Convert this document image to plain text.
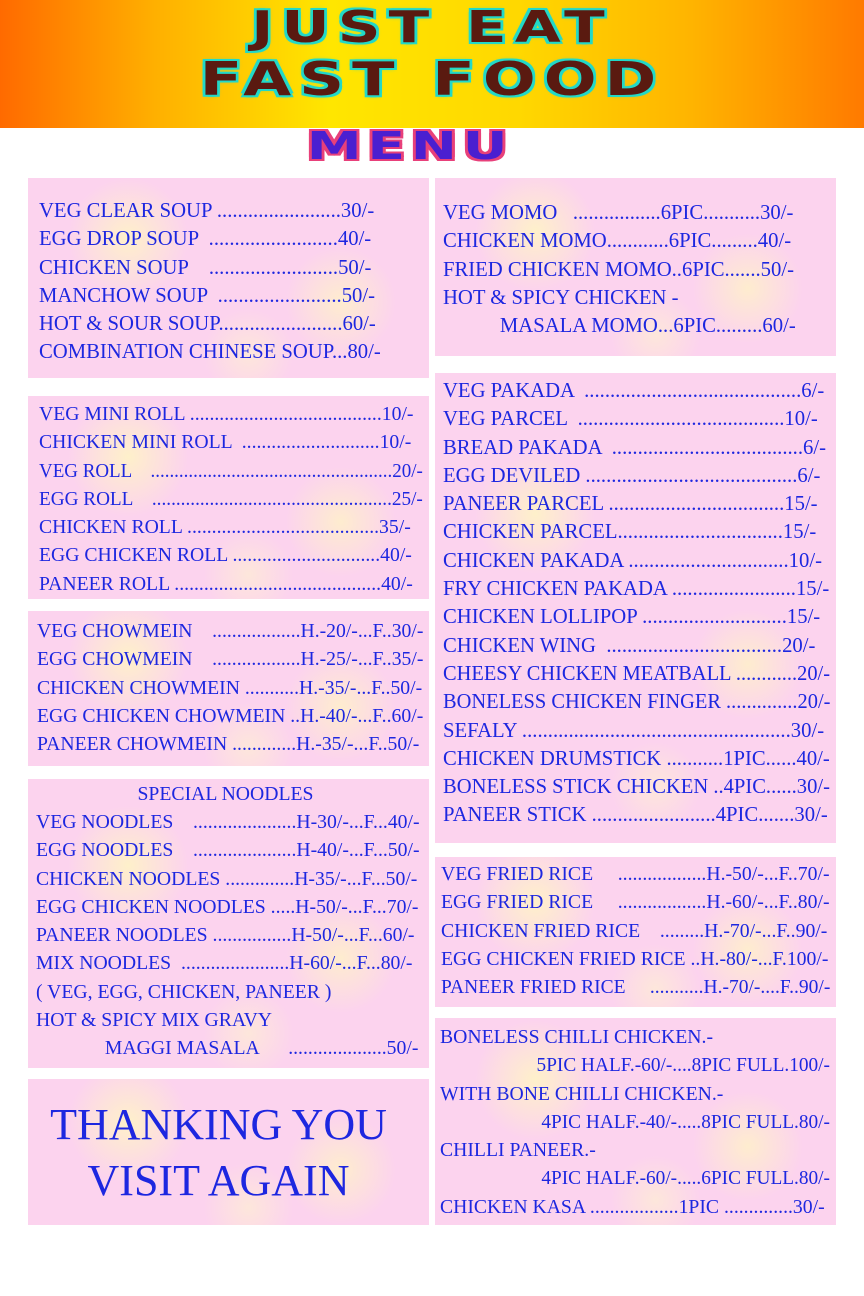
JUST EAT
FAST FOOD
MENU
VEG CLEAR SOUP ........................30/-
EGG DROP SOUP  .........................40/-
CHICKEN SOUP    .........................50/-
MANCHOW SOUP  ........................50/-
HOT & SOUR SOUP........................60/-
COMBINATION CHINESE SOUP...80/-
VEG MINI ROLL .......................................10/-
CHICKEN MINI ROLL  ............................10/-
VEG ROLL    ...................................................20/-
EGG ROLL    ..................................................25/-
CHICKEN ROLL .......................................35/-
EGG CHICKEN ROLL ..............................40/-
PANEER ROLL ..........................................40/-
VEG CHOWMEIN    ..................H.-20/-...F..30/-
EGG CHOWMEIN    ..................H.-25/-...F..35/-
CHICKEN CHOWMEIN ...........H.-35/-...F..50/-
EGG CHICKEN CHOWMEIN ..H.-40/-...F..60/-
PANEER CHOWMEIN .............H.-35/-...F..50/-
SPECIAL NOODLES
VEG NOODLES    .....................H-30/-...F...40/-
EGG NOODLES    .....................H-40/-...F...50/-
CHICKEN NOODLES ..............H-35/-...F...50/-
EGG CHICKEN NOODLES .....H-50/-...F...70/-
PANEER NOODLES ................H-50/-...F...60/-
MIX NOODLES  ......................H-60/-...F...80/-
( VEG, EGG, CHICKEN, PANEER )
HOT & SPICY MIX GRAVY
MAGGI MASALA      ....................50/-
THANKING YOU
VISIT AGAIN
VEG MOMO   .................6PIC...........30/-
CHICKEN MOMO............6PIC.........40/-
FRIED CHICKEN MOMO..6PIC.......50/-
HOT & SPICY CHICKEN -
MASALA MOMO...6PIC.........60/-
VEG PAKADA  ..........................................6/-
VEG PARCEL  ........................................10/-
BREAD PAKADA  .....................................6/-
EGG DEVILED .........................................6/-
PANEER PARCEL ..................................15/-
CHICKEN PARCEL................................15/-
CHICKEN PAKADA ...............................10/-
FRY CHICKEN PAKADA ........................15/-
CHICKEN LOLLIPOP ............................15/-
CHICKEN WING  ..................................20/-
CHEESY CHICKEN MEATBALL ............20/-
BONELESS CHICKEN FINGER ..............20/-
SEFALY ....................................................30/-
CHICKEN DRUMSTICK ...........1PIC......40/-
BONELESS STICK CHICKEN ..4PIC......30/-
PANEER STICK ........................4PIC.......30/-
VEG FRIED RICE     ..................H.-50/-...F..70/-
EGG FRIED RICE     ..................H.-60/-...F..80/-
CHICKEN FRIED RICE    .........H.-70/-...F..90/-
EGG CHICKEN FRIED RICE ..H.-80/-...F.100/-
PANEER FRIED RICE     ...........H.-70/-....F..90/-
BONELESS CHILLI CHICKEN.-
5PIC HALF.-60/-....8PIC FULL.100/-
WITH BONE CHILLI CHICKEN.-
4PIC HALF.-40/-.....8PIC FULL.80/-
CHILLI PANEER.-
4PIC HALF.-60/-.....6PIC FULL.80/-
CHICKEN KASA ..................1PIC ..............30/-
